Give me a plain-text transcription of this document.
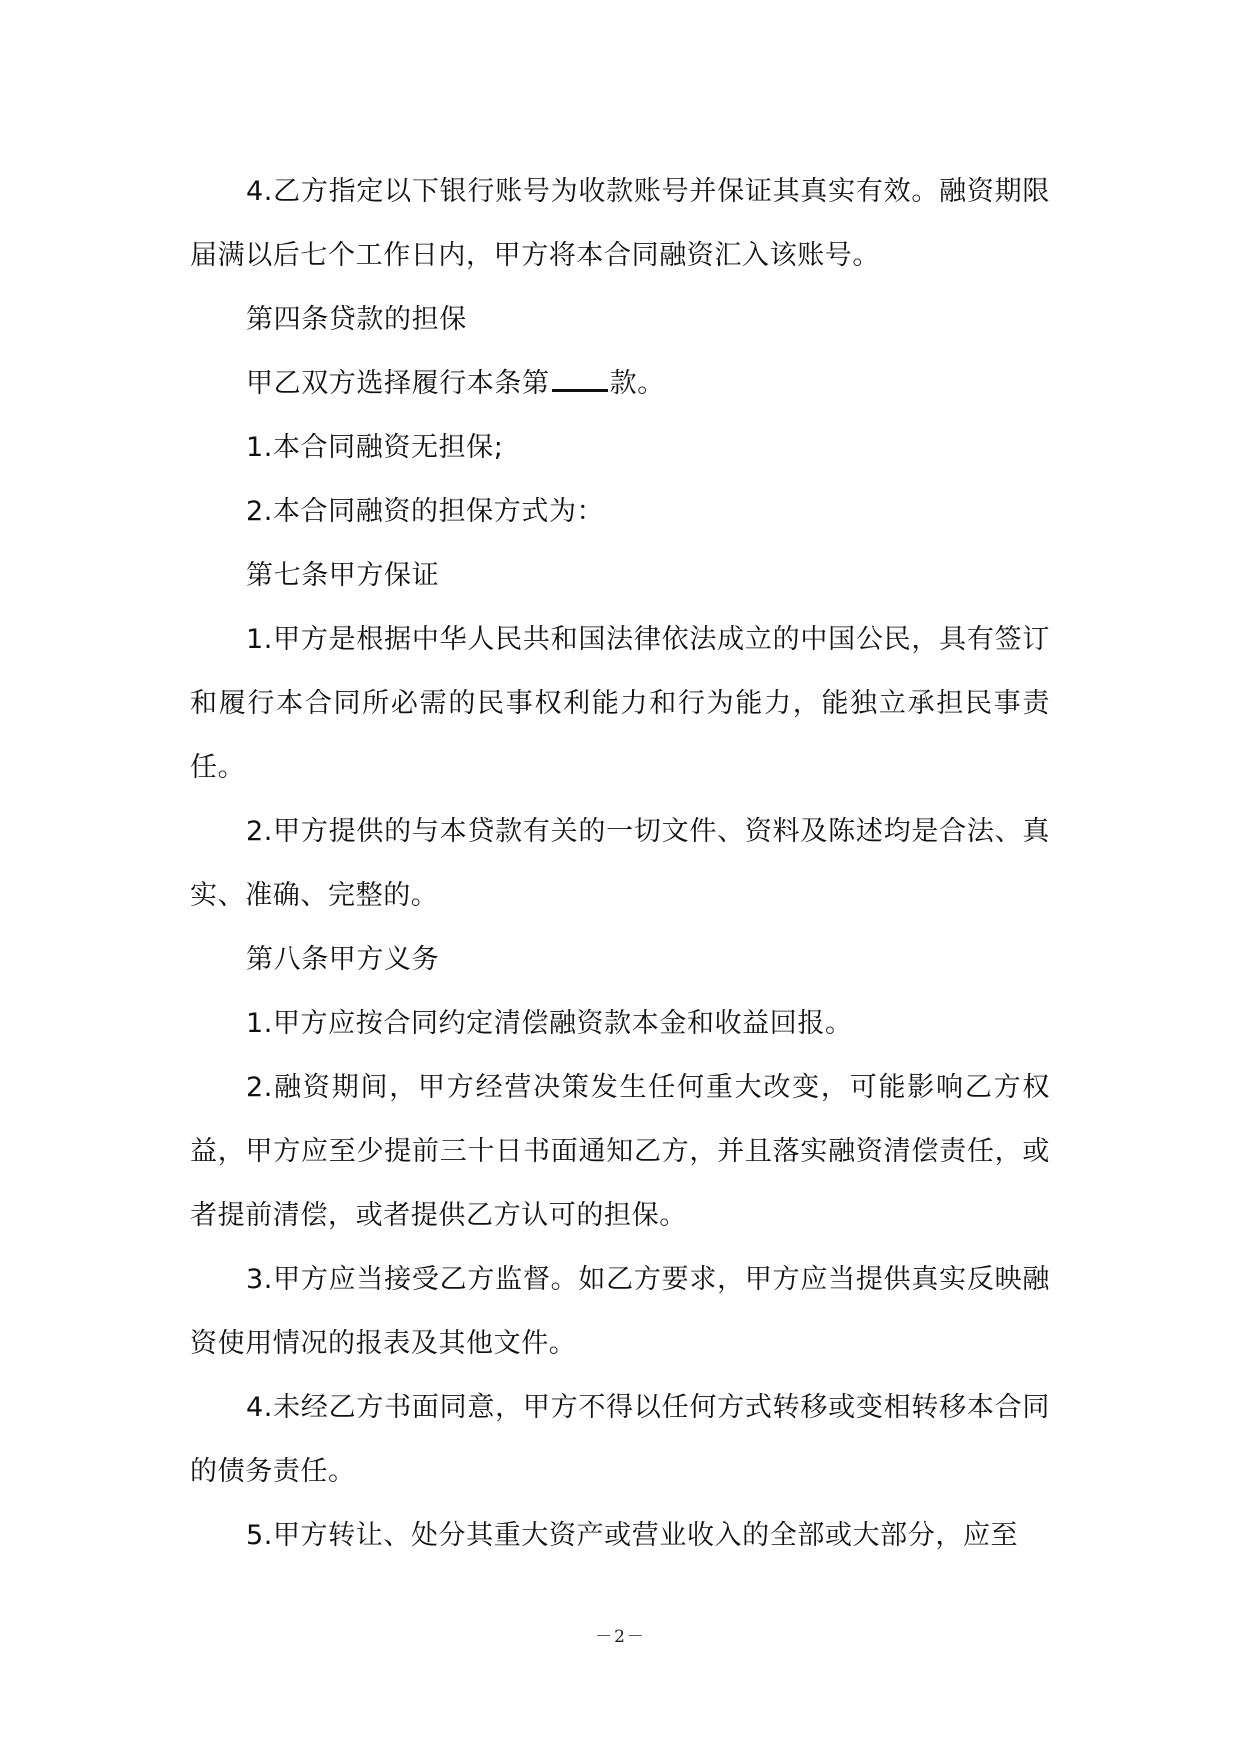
4.乙方指定以下银行账号为收款账号并保证其真实有效。融资期限届满以后七个工作日内，甲方将本合同融资汇入该账号。

第四条贷款的担保

甲乙双方选择履行本条第 款。

1.本合同融资无担保;

2.本合同融资的担保方式为：

第七条甲方保证

1.甲方是根据中华人民共和国法律依法成立的中国公民，具有签订和履行本合同所必需的民事权利能力和行为能力，能独立承担民事责任。

2.甲方提供的与本贷款有关的一切文件、资料及陈述均是合法、真实、准确、完整的。

第八条甲方义务

1.甲方应按合同约定清偿融资款本金和收益回报。

2.融资期间，甲方经营决策发生任何重大改变，可能影响乙方权益，甲方应至少提前三十日书面通知乙方，并且落实融资清偿责任，或者提前清偿，或者提供乙方认可的担保。

3.甲方应当接受乙方监督。如乙方要求，甲方应当提供真实反映融资使用情况的报表及其他文件。

4.未经乙方书面同意，甲方不得以任何方式转移或变相转移本合同的债务责任。

5.甲方转让、处分其重大资产或营业收入的全部或大部分，应至

－2－
